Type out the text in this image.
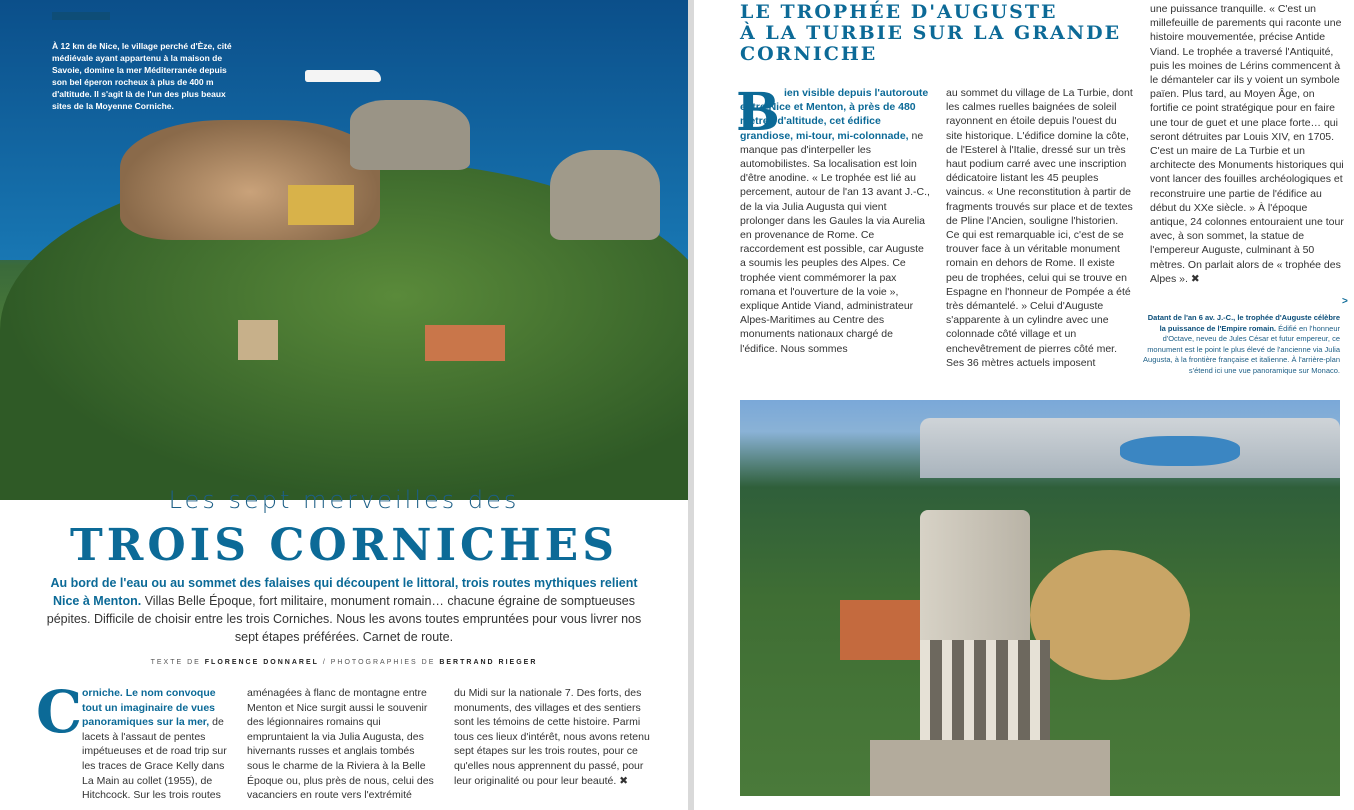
À 12 km de Nice, le village perché d'Èze, cité médiévale ayant appartenu à la maison de Savoie, domine la mer Méditerranée depuis son bel éperon rocheux à plus de 400 m d'altitude. Il s'agit là de l'un des plus beaux sites de la Moyenne Corniche.
Les sept merveilles des
TROIS CORNICHES
Au bord de l'eau ou au sommet des falaises qui découpent le littoral, trois routes mythiques relient Nice à Menton. Villas Belle Époque, fort militaire, monument romain… chacune égraine de somptueuses pépites. Difficile de choisir entre les trois Corniches. Nous les avons toutes empruntées pour vous livrer nos sept étapes préférées. Carnet de route.
TEXTE DE FLORENCE DONNAREL / PHOTOGRAPHIES DE BERTRAND RIEGER
C orniche. Le nom convoque tout un imaginaire de vues panoramiques sur la mer, de lacets à l'assaut de pentes impétueuses et de road trip sur les traces de Grace Kelly dans La Main au collet (1955), de Hitchcock. Sur les trois routes
aménagées à flanc de montagne entre Menton et Nice surgit aussi le souvenir des légionnaires romains qui empruntaient la via Julia Augusta, des hivernants russes et anglais tombés sous le charme de la Riviera à la Belle Époque ou, plus près de nous, celui des vacanciers en route vers l'extrémité
du Midi sur la nationale 7. Des forts, des monuments, des villages et des sentiers sont les témoins de cette histoire. Parmi tous ces lieux d'intérêt, nous avons retenu sept étapes sur les trois routes, pour ce qu'elles nous apprennent du passé, pour leur originalité ou pour leur beauté. ✖
LE TROPHÉE D'AUGUSTE
À LA TURBIE SUR LA GRANDE
CORNICHE
B ien visible depuis l'autoroute entre Nice et Menton, à près de 480 mètres d'altitude, cet édifice grandiose, mi-tour, mi-colonnade, ne manque pas d'interpeller les automobilistes. Sa localisation est loin d'être anodine. « Le trophée est lié au percement, autour de l'an 13 avant J.-C., de la via Julia Augusta qui vient prolonger dans les Gaules la via Aurelia en provenance de Rome. Ce raccordement est possible, car Auguste a soumis les peuples des Alpes. Ce trophée vient commémorer la pax romana et l'ouverture de la voie », explique Antide Viand, administrateur Alpes-Maritimes au Centre des monuments nationaux chargé de l'édifice. Nous sommes
au sommet du village de La Turbie, dont les calmes ruelles baignées de soleil rayonnent en étoile depuis l'ouest du site historique. L'édifice domine la côte, de l'Esterel à l'Italie, dressé sur un très haut podium carré avec une inscription dédicatoire listant les 45 peuples vaincus. « Une reconstitution à partir de fragments trouvés sur place et de textes de Pline l'Ancien, souligne l'historien. Ce qui est remarquable ici, c'est de se trouver face à un véritable monument romain en dehors de Rome. Il existe peu de trophées, celui qui se trouve en Espagne en l'honneur de Pompée a été très démantelé. » Celui d'Auguste s'apparente à un cylindre avec une colonnade côté village et un enchevêtrement de pierres côté mer. Ses 36 mètres actuels imposent
une puissance tranquille. « C'est un millefeuille de parements qui raconte une histoire mouvementée, précise Antide Viand. Le trophée a traversé l'Antiquité, puis les moines de Lérins commencent à le démanteler car ils y voient un symbole païen. Plus tard, au Moyen Âge, on fortifie ce point stratégique pour en faire une tour de guet et une place forte… qui seront détruites par Louis XIV, en 1705. C'est un maire de La Turbie et un architecte des Monuments historiques qui vont lancer des fouilles archéologiques et reconstruire une partie de l'édifice au début du XXe siècle. » À l'époque antique, 24 colonnes entouraient une tour avec, à son sommet, la statue de l'empereur Auguste, culminant à 50 mètres. On parlait alors de « trophée des Alpes ». ✖
>
Datant de l'an 6 av. J.-C., le trophée d'Auguste célèbre la puissance de l'Empire romain. Édifié en l'honneur d'Octave, neveu de Jules César et futur empereur, ce monument est le point le plus élevé de l'ancienne via Julia Augusta, à la frontière française et italienne. À l'arrière-plan s'étend ici une vue panoramique sur Monaco.
